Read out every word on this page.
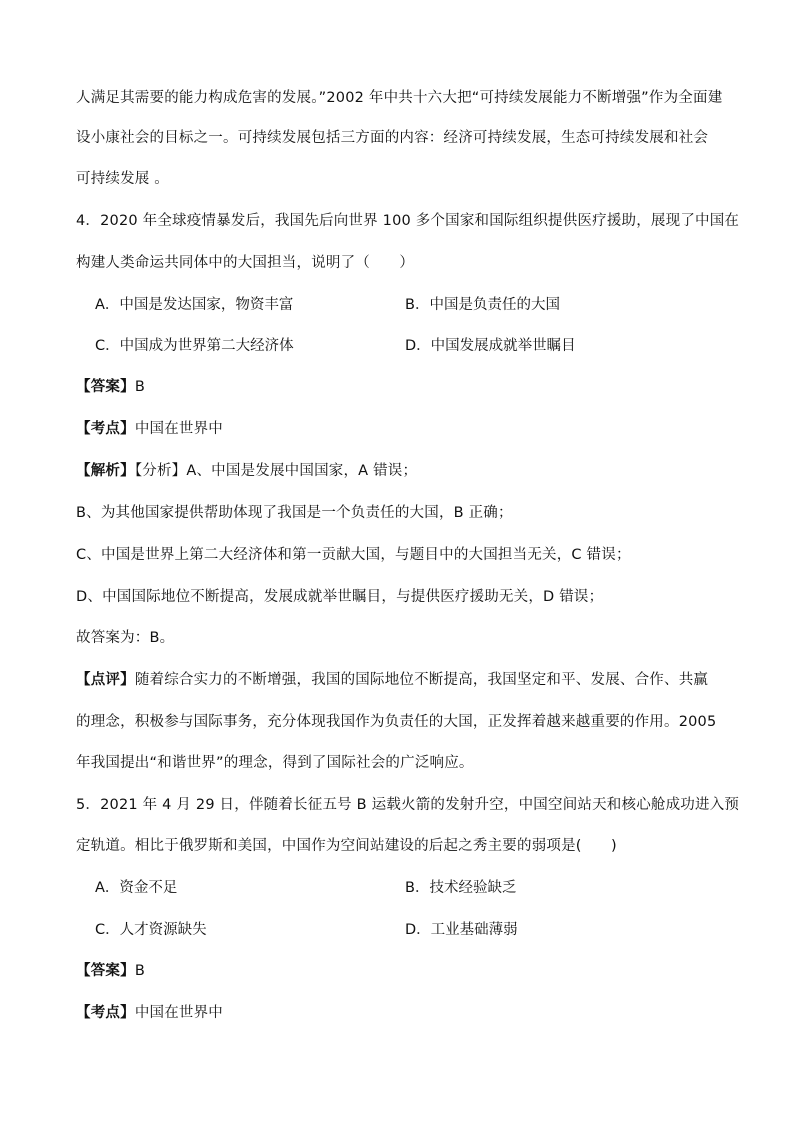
人满足其需要的能力构成危害的发展。”2002 年中共十六大把“可持续发展能力不断增强”作为全面建
设小康社会的目标之一。可持续发展包括三方面的内容：经济可持续发展，生态可持续发展和社会
可持续发展 。
4．2020 年全球疫情暴发后，我国先后向世界 100 多个国家和国际组织提供医疗援助，展现了中国在
构建人类命运共同体中的大国担当，说明了（　　）
A．中国是发达国家，物资丰富	B．中国是负责任的大国
C．中国成为世界第二大经济体	D．中国发展成就举世瞩目
【答案】B
【考点】中国在世界中
【解析】【分析】A、中国是发展中国国家，A 错误；
B、为其他国家提供帮助体现了我国是一个负责任的大国，B 正确；
C、中国是世界上第二大经济体和第一贡献大国，与题目中的大国担当无关，C 错误；
D、中国国际地位不断提高，发展成就举世瞩目，与提供医疗援助无关，D 错误；
故答案为：B。
【点评】随着综合实力的不断增强，我国的国际地位不断提高，我国坚定和平、发展、合作、共赢
的理念，积极参与国际事务，充分体现我国作为负责任的大国，正发挥着越来越重要的作用。2005
年我国提出“和谐世界”的理念，得到了国际社会的广泛响应。
5．2021 年 4 月 29 日，伴随着长征五号 B 运载火箭的发射升空，中国空间站天和核心舱成功进入预
定轨道。相比于俄罗斯和美国，中国作为空间站建设的后起之秀主要的弱项是(　　)
A．资金不足	B．技术经验缺乏
C．人才资源缺失	D．工业基础薄弱
【答案】B
【考点】中国在世界中
